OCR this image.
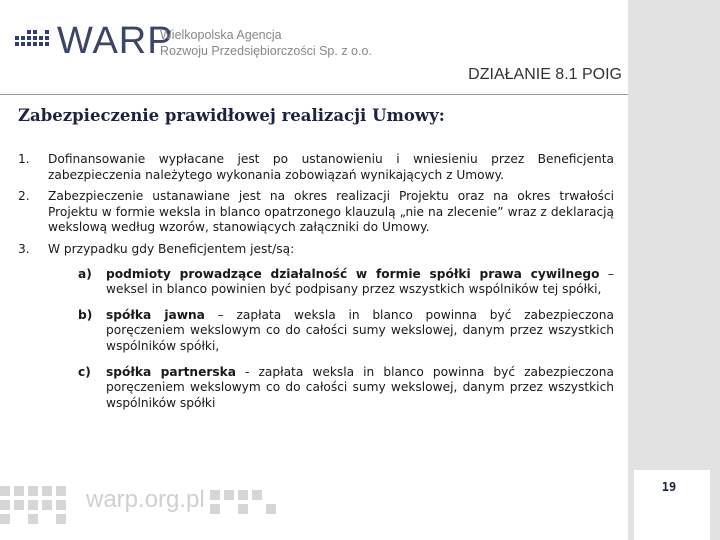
WARP
Wielkopolska Agencja
Rozwoju Przedsiębiorczości Sp. z o.o.
DZIAŁANIE 8.1 POIG
Zabezpieczenie prawidłowej realizacji Umowy:
1.	Dofinansowanie wypłacane jest po ustanowieniu i wniesieniu przez Beneficjenta zabezpieczenia należytego wykonania zobowiązań wynikających z Umowy.
2.	Zabezpieczenie ustanawiane jest na okres realizacji Projektu oraz na okres trwałości Projektu w formie weksla in blanco opatrzonego klauzulą „nie na zlecenie” wraz z deklaracją wekslową według wzorów, stanowiących załączniki do Umowy.
3.	W przypadku gdy Beneficjentem jest/są:
a)	podmioty prowadzące działalność w formie spółki prawa cywilnego – weksel in blanco powinien być podpisany przez wszystkich wspólników tej spółki,
b)	spółka jawna – zapłata weksla in blanco powinna być zabezpieczona poręczeniem wekslowym co do całości sumy wekslowej, danym przez wszystkich wspólników spółki,
c)	spółka partnerska - zapłata weksla in blanco powinna być zabezpieczona poręczeniem wekslowym co do całości sumy wekslowej, danym przez wszystkich wspólników spółki
warp.org.pl	19
